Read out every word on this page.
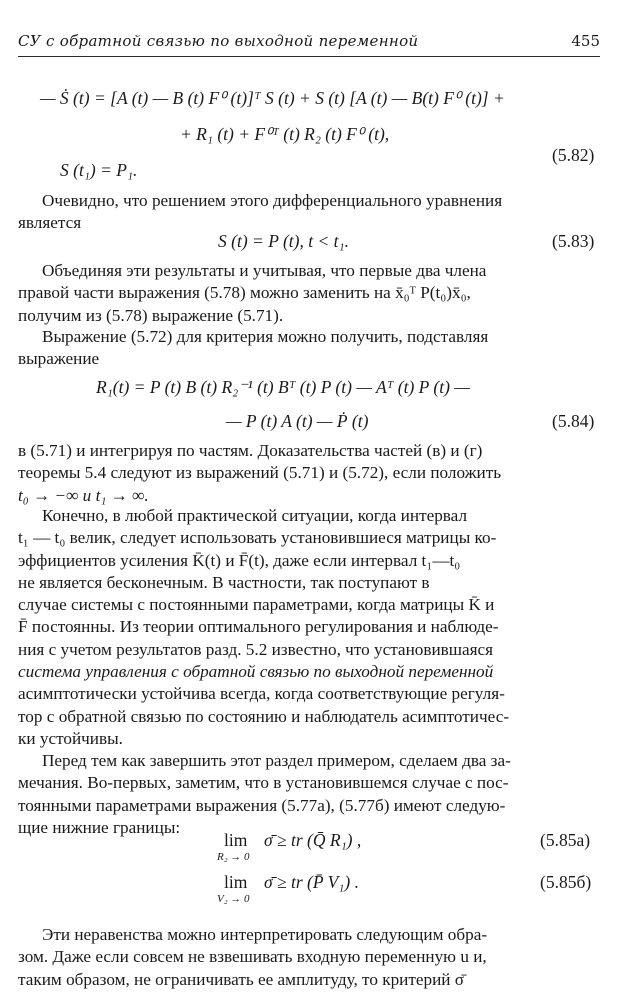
СУ с обратной связью по выходной переменной	455
— Ṡ (t) = [A (t) — B (t) F⁰ (t)]ᵀ S (t) + S (t) [A (t) — B(t) F⁰ (t)] +
+ R₁ (t) + F⁰ᵀ (t) R₂ (t) F⁰ (t),
S (t₁) = P₁.
(5.82)
Очевидно, что решением этого дифференциального уравнения
является
S (t) = P (t), t < t₁.	(5.83)
Объединяя эти результаты и учитывая, что первые два члена
правой части выражения (5.78) можно заменить на x̄₀ᵀ P(t₀)x̄₀,
получим из (5.78) выражение (5.71).
Выражение (5.72) для критерия можно получить, подставляя
выражение
R₁(t) = P (t) B (t) R₂⁻¹ (t) Bᵀ (t) P (t) — Aᵀ (t) P (t) —
— P (t) A (t) — Ṗ (t)	(5.84)
в (5.71) и интегрируя по частям. Доказательства частей (в) и (г)
теоремы 5.4 следуют из выражений (5.71) и (5.72), если положить
t₀ → −∞ и t₁ → ∞.
Конечно, в любой практической ситуации, когда интервал
t₁ — t₀ велик, следует использовать установившиеся матрицы ко-
эффициентов усиления K̄(t) и F̄(t), даже если интервал t₁—t₀
не является бесконечным. В частности, так поступают в
случае системы с постоянными параметрами, когда матрицы K̄ и
F̄ постоянны. Из теории оптимального регулирования и наблюде-
ния с учетом результатов разд. 5.2 известно, что установившаяся
система управления с обратной связью по выходной переменной
асимптотически устойчива всегда, когда соответствующие регуля-
тор с обратной связью по состоянию и наблюдатель асимптотичес-
ки устойчивы.
Перед тем как завершить этот раздел примером, сделаем два за-
мечания. Во-первых, заметим, что в установившемся случае с пос-
тоянными параметрами выражения (5.77а), (5.77б) имеют следую-
щие нижние границы:
lim
R₂ → 0
σ̄ ≥ tr (Q̄ R₁) ,	(5.85а)
lim
V₂ → 0
σ̄ ≥ tr (P̄ V₁) .	(5.85б)
Эти неравенства можно интерпретировать следующим обра-
зом. Даже если совсем не взвешивать входную переменную u и,
таким образом, не ограничивать ее амплитуду, то критерий σ̄
